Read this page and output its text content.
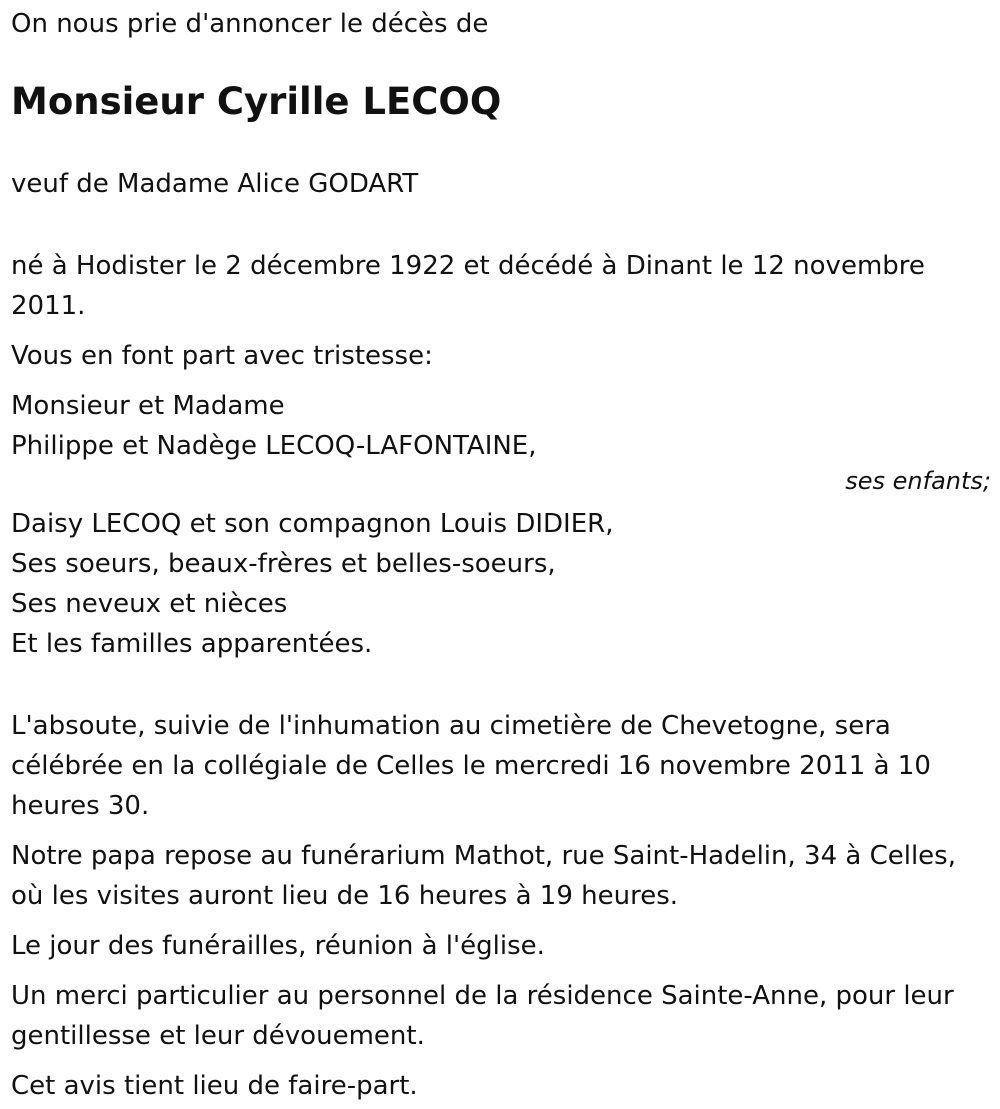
On nous prie d'annoncer le décès de

Monsieur Cyrille LECOQ

veuf de Madame Alice GODART

né à Hodister le 2 décembre 1922 et décédé à Dinant le 12 novembre
2011.

Vous en font part avec tristesse:

Monsieur et Madame
Philippe et Nadège LECOQ-LAFONTAINE,
ses enfants;

Daisy LECOQ et son compagnon Louis DIDIER,
Ses soeurs, beaux-frères et belles-soeurs,
Ses neveux et nièces
Et les familles apparentées.

L'absoute, suivie de l'inhumation au cimetière de Chevetogne, sera
célébrée en la collégiale de Celles le mercredi 16 novembre 2011 à 10
heures 30.

Notre papa repose au funérarium Mathot, rue Saint-Hadelin, 34 à Celles,
où les visites auront lieu de 16 heures à 19 heures.

Le jour des funérailles, réunion à l'église.

Un merci particulier au personnel de la résidence Sainte-Anne, pour leur
gentillesse et leur dévouement.

Cet avis tient lieu de faire-part.
